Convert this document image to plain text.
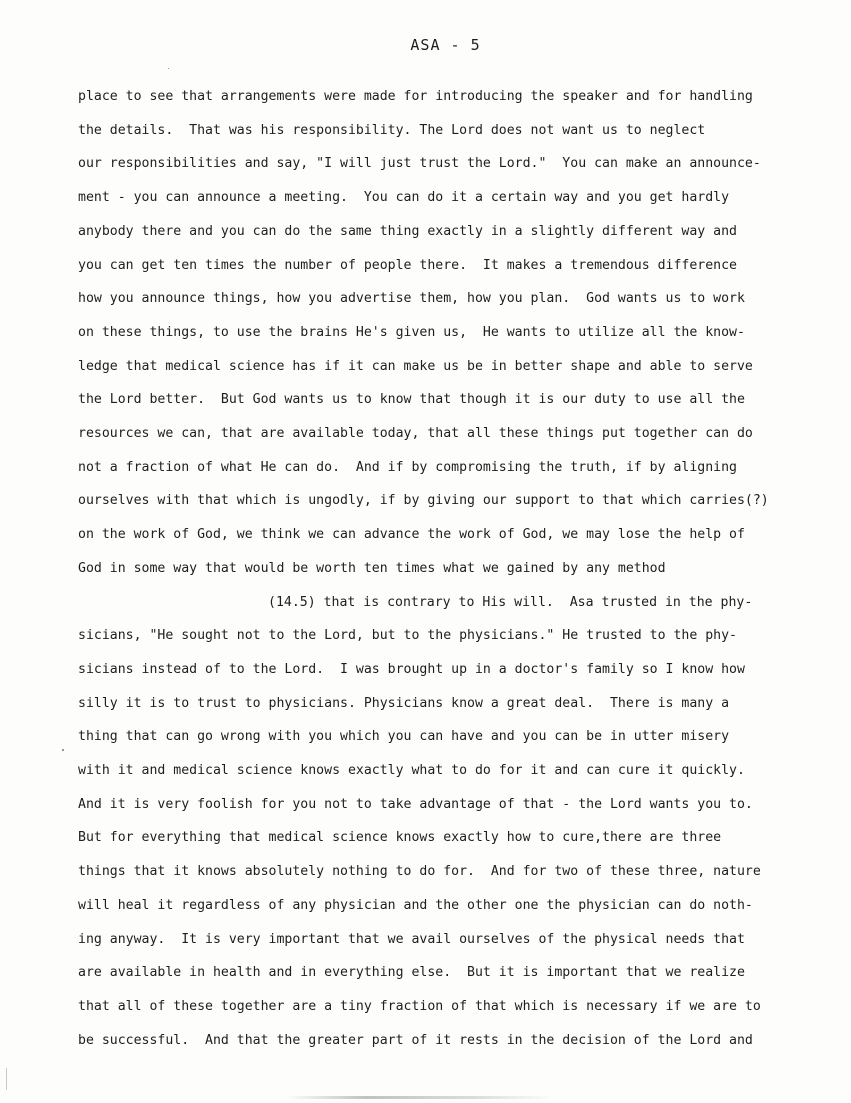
ASA - 5
place to see that arrangements were made for introducing the speaker and for handling
the details.  That was his responsibility. The Lord does not want us to neglect
our responsibilities and say, "I will just trust the Lord."  You can make an announce-
ment - you can announce a meeting.  You can do it a certain way and you get hardly
anybody there and you can do the same thing exactly in a slightly different way and
you can get ten times the number of people there.  It makes a tremendous difference
how you announce things, how you advertise them, how you plan.  God wants us to work
on these things, to use the brains He's given us,  He wants to utilize all the know-
ledge that medical science has if it can make us be in better shape and able to serve
the Lord better.  But God wants us to know that though it is our duty to use all the
resources we can, that are available today, that all these things put together can do
not a fraction of what He can do.  And if by compromising the truth, if by aligning
ourselves with that which is ungodly, if by giving our support to that which carries(?)
on the work of God, we think we can advance the work of God, we may lose the help of
God in some way that would be worth ten times what we gained by any method
(14.5) that is contrary to His will.  Asa trusted in the phy-
sicians, "He sought not to the Lord, but to the physicians." He trusted to the phy-
sicians instead of to the Lord.  I was brought up in a doctor's family so I know how
silly it is to trust to physicians. Physicians know a great deal.  There is many a
thing that can go wrong with you which you can have and you can be in utter misery
with it and medical science knows exactly what to do for it and can cure it quickly.
And it is very foolish for you not to take advantage of that - the Lord wants you to.
But for everything that medical science knows exactly how to cure,there are three
things that it knows absolutely nothing to do for.  And for two of these three, nature
will heal it regardless of any physician and the other one the physician can do noth-
ing anyway.  It is very important that we avail ourselves of the physical needs that
are available in health and in everything else.  But it is important that we realize
that all of these together are a tiny fraction of that which is necessary if we are to
be successful.  And that the greater part of it rests in the decision of the Lord and
